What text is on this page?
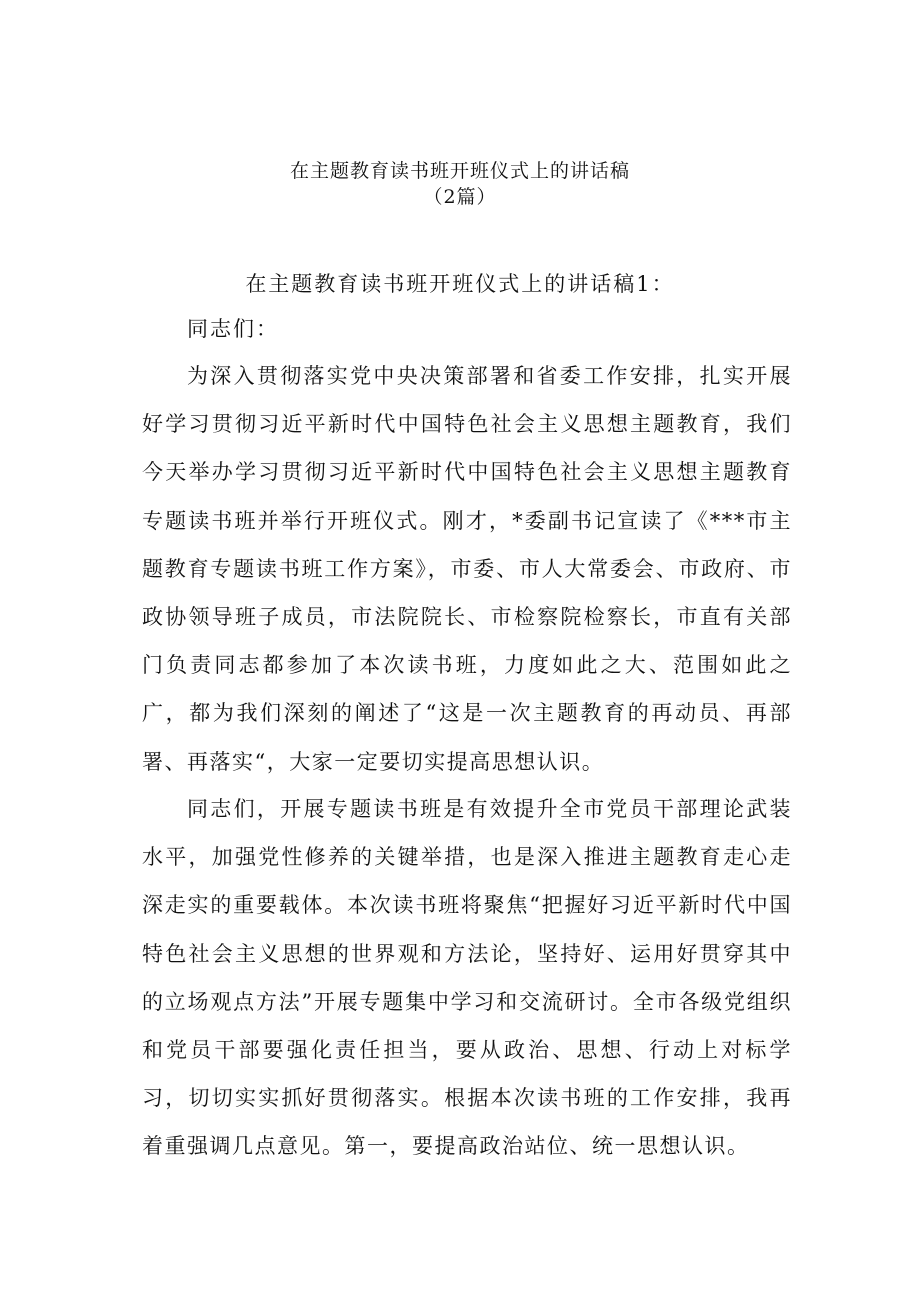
在主题教育读书班开班仪式上的讲话稿
（2篇）
在主题教育读书班开班仪式上的讲话稿1：
同志们：

为深入贯彻落实党中央决策部署和省委工作安排，扎实开展好学习贯彻习近平新时代中国特色社会主义思想主题教育，我们今天举办学习贯彻习近平新时代中国特色社会主义思想主题教育专题读书班并举行开班仪式。刚才，*委副书记宣读了《***市主题教育专题读书班工作方案》，市委、市人大常委会、市政府、市政协领导班子成员，市法院院长、市检察院检察长，市直有关部门负责同志都参加了本次读书班，力度如此之大、范围如此之广，都为我们深刻的阐述了“这是一次主题教育的再动员、再部署、再落实“，大家一定要切实提高思想认识。

同志们，开展专题读书班是有效提升全市党员干部理论武装水平，加强党性修养的关键举措，也是深入推进主题教育走心走深走实的重要载体。本次读书班将聚焦“把握好习近平新时代中国特色社会主义思想的世界观和方法论，坚持好、运用好贯穿其中的立场观点方法”开展专题集中学习和交流研讨。全市各级党组织和党员干部要强化责任担当，要从政治、思想、行动上对标学习，切切实实抓好贯彻落实。根据本次读书班的工作安排，我再着重强调几点意见。第一，要提高政治站位、统一思想认识。
